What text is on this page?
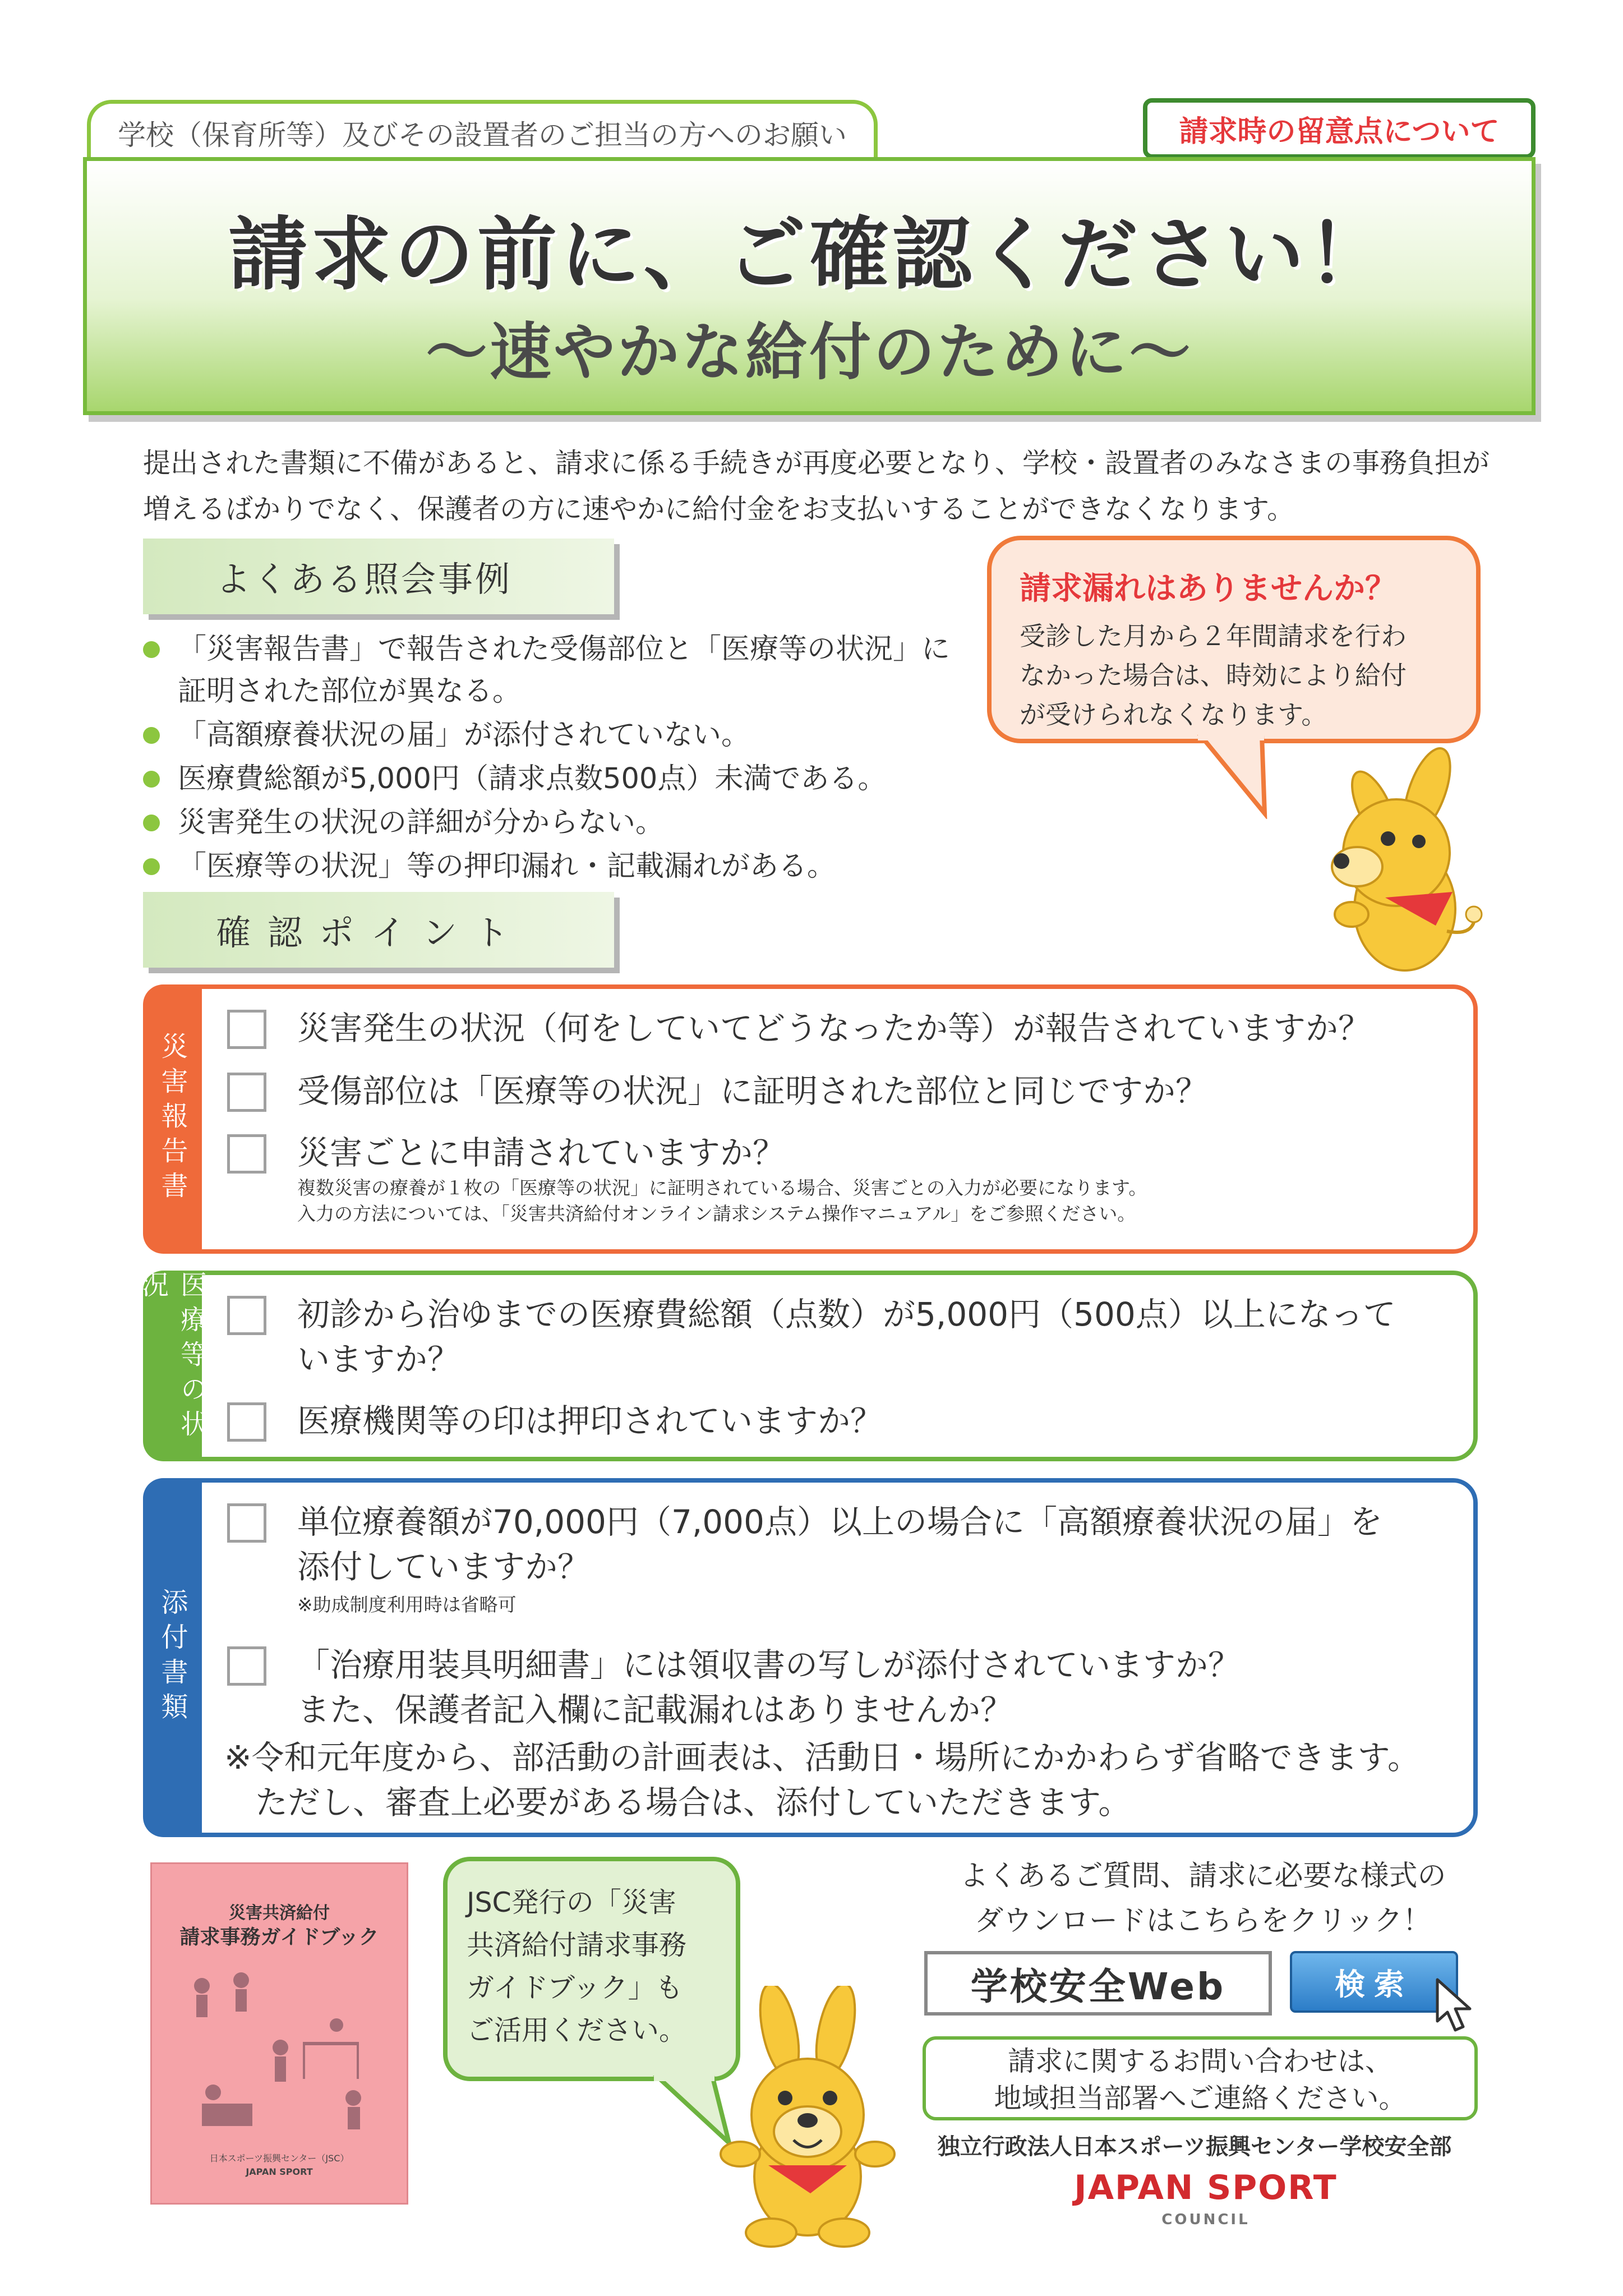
学校（保育所等）及びその設置者のご担当の方へのお願い	請求時の留意点について
請求の前に、ご確認ください！
〜速やかな給付のために〜
提出された書類に不備があると、請求に係る手続きが再度必要となり、学校・設置者のみなさまの事務負担が
増えるばかりでなく、保護者の方に速やかに給付金をお支払いすることができなくなります。
よくある照会事例
「災害報告書」で報告された受傷部位と「医療等の状況」に証明された部位が異なる。
「高額療養状況の届」が添付されていない。
医療費総額が5,000円（請求点数500点）未満である。
災害発生の状況の詳細が分からない。
「医療等の状況」等の押印漏れ・記載漏れがある。
請求漏れはありませんか？
受診した月から２年間請求を行わ
なかった場合は、時効により給付
が受けられなくなります。
確認ポイント
災害報告書
災害発生の状況（何をしていてどうなったか等）が報告されていますか？
受傷部位は「医療等の状況」に証明された部位と同じですか？
災害ごとに申請されていますか？
複数災害の療養が１枚の「医療等の状況」に証明されている場合、災害ごとの入力が必要になります。
入力の方法については、「災害共済給付オンライン請求システム操作マニュアル」をご参照ください。
医療等の状況
初診から治ゆまでの医療費総額（点数）が5,000円（500点）以上になって
いますか？
医療機関等の印は押印されていますか？
添付書類
単位療養額が70,000円（7,000点）以上の場合に「高額療養状況の届」を
添付していますか？
※助成制度利用時は省略可
「治療用装具明細書」には領収書の写しが添付されていますか？
また、保護者記入欄に記載漏れはありませんか？
※令和元年度から、部活動の計画表は、活動日・場所にかかわらず省略できます。
ただし、審査上必要がある場合は、添付していただきます。
災害共済給付
請求事務ガイドブック
日本スポーツ振興センター（JSC）
JAPAN SPORT
JSC発行の「災害
共済給付請求事務
ガイドブック」も
ご活用ください。
よくあるご質問、請求に必要な様式の
ダウンロードはこちらをクリック！
学校安全Web	検索
請求に関するお問い合わせは、
地域担当部署へご連絡ください。
独立行政法人日本スポーツ振興センター学校安全部
JAPAN SPORT
COUNCIL
